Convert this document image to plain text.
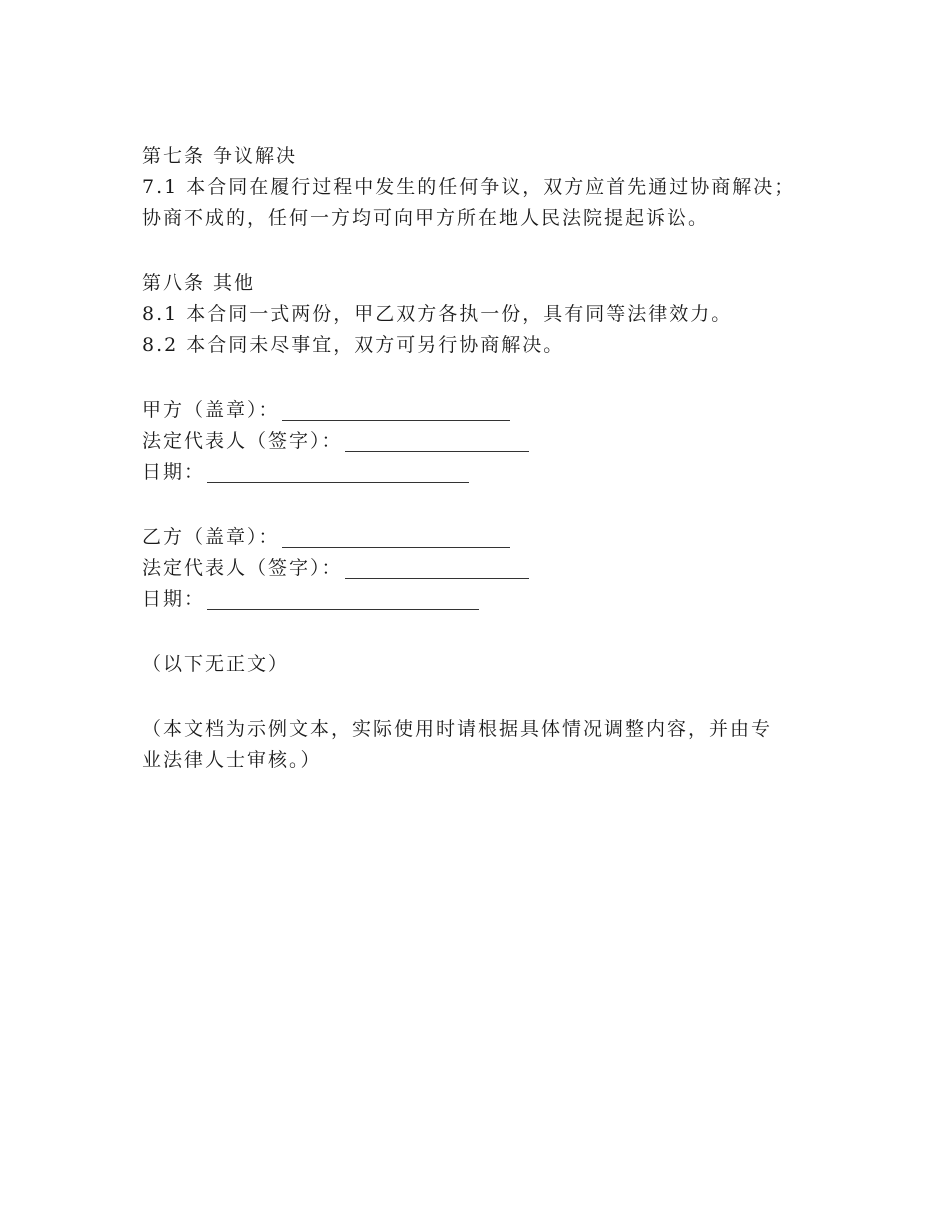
第七条 争议解决
7.1 本合同在履行过程中发生的任何争议，双方应首先通过协商解决；
协商不成的，任何一方均可向甲方所在地人民法院提起诉讼。
第八条 其他
8.1 本合同一式两份，甲乙双方各执一份，具有同等法律效力。
8.2 本合同未尽事宜，双方可另行协商解决。
甲方（盖章）：
法定代表人（签字）：
日期：
乙方（盖章）：
法定代表人（签字）：
日期：
（以下无正文）
（本文档为示例文本，实际使用时请根据具体情况调整内容，并由专
业法律人士审核。）
